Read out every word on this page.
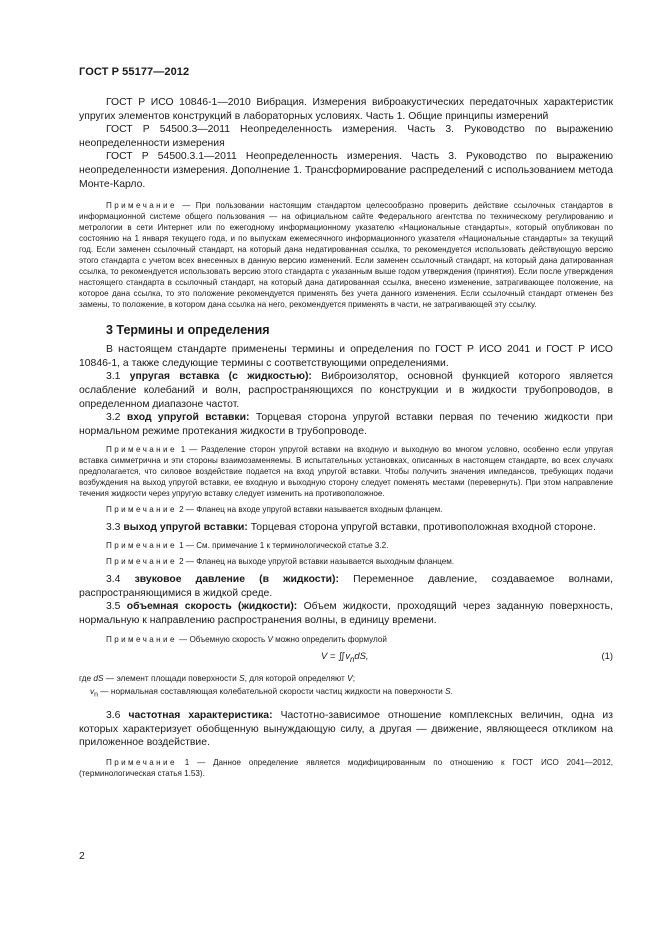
ГОСТ Р 55177—2012

ГОСТ Р ИСО 10846-1—2010 Вибрация. Измерения виброакустических передаточных характеристик упругих элементов конструкций в лабораторных условиях. Часть 1. Общие принципы измерений

ГОСТ Р 54500.3—2011 Неопределенность измерения. Часть 3. Руководство по выражению неопределенности измерения

ГОСТ Р 54500.3.1—2011 Неопределенность измерения. Часть 3. Руководство по выражению неопределенности измерения. Дополнение 1. Трансформирование распределений с использованием метода Монте-Карло.

Примечание — При пользовании настоящим стандартом целесообразно проверить действие ссылочных стандартов в информационной системе общего пользования — на официальном сайте Федерального агентства по техническому регулированию и метрологии в сети Интернет или по ежегодному информационному указателю «Национальные стандарты», который опубликован по состоянию на 1 января текущего года, и по выпускам ежемесячного информационного указателя «Национальные стандарты» за текущий год. Если заменен ссылочный стандарт, на который дана недатированная ссылка, то рекомендуется использовать действующую версию этого стандарта с учетом всех внесенных в данную версию изменений. Если заменен ссылочный стандарт, на который дана датированная ссылка, то рекомендуется использовать версию этого стандарта с указанным выше годом утверждения (принятия). Если после утверждения настоящего стандарта в ссылочный стандарт, на который дана датированная ссылка, внесено изменение, затрагивающее положение, на которое дана ссылка, то это положение рекомендуется применять без учета данного изменения. Если ссылочный стандарт отменен без замены, то положение, в котором дана ссылка на него, рекомендуется применять в части, не затрагивающей эту ссылку.

3 Термины и определения

В настоящем стандарте применены термины и определения по ГОСТ Р ИСО 2041 и ГОСТ Р ИСО 10846-1, а также следующие термины с соответствующими определениями.

3.1 упругая вставка (с жидкостью): Виброизолятор, основной функцией которого является ослабление колебаний и волн, распространяющихся по конструкции и в жидкости трубопроводов, в определенном диапазоне частот.

3.2 вход упругой вставки: Торцевая сторона упругой вставки первая по течению жидкости при нормальном режиме протекания жидкости в трубопроводе.

Примечание 1 — Разделение сторон упругой вставки на входную и выходную во многом условно, особенно если упругая вставка симметрична и эти стороны взаимозаменяемы. В испытательных установках, описанных в настоящем стандарте, во всех случаях предполагается, что силовое воздействие подается на вход упругой вставки. Чтобы получить значения импедансов, требующих подачи возбуждения на выход упругой вставки, ее входную и выходную сторону следует поменять местами (перевернуть). При этом направление течения жидкости через упругую вставку следует изменить на противоположное.

Примечание 2 — Фланец на входе упругой вставки называется входным фланцем.

3.3 выход упругой вставки: Торцевая сторона упругой вставки, противоположная входной стороне.

Примечание 1 — См. примечание 1 к терминологической статье 3.2.

Примечание 2 — Фланец на выходе упругой вставки называется выходным фланцем.

3.4 звуковое давление (в жидкости): Переменное давление, создаваемое волнами, распространяющимися в жидкой среде.

3.5 объемная скорость (жидкости): Объем жидкости, проходящий через заданную поверхность, нормальную к направлению распространения волны, в единицу времени.

Примечание — Объемную скорость V можно определить формулой

$V = ∬v_ndS$,	(1)
где dS — элемент площади поверхности S, для которой определяют V;
$v_n$ — нормальная составляющая колебательной скорости частиц жидкости на поверхности S.

3.6 частотная характеристика: Частотно-зависимое отношение комплексных величин, одна из которых характеризует обобщенную вынуждающую силу, а другая — движение, являющееся откликом на приложенное воздействие.

Примечание 1 — Данное определение является модифицированным по отношению к ГОСТ ИСО 2041—2012, (терминологическая статья 1.53).

2
